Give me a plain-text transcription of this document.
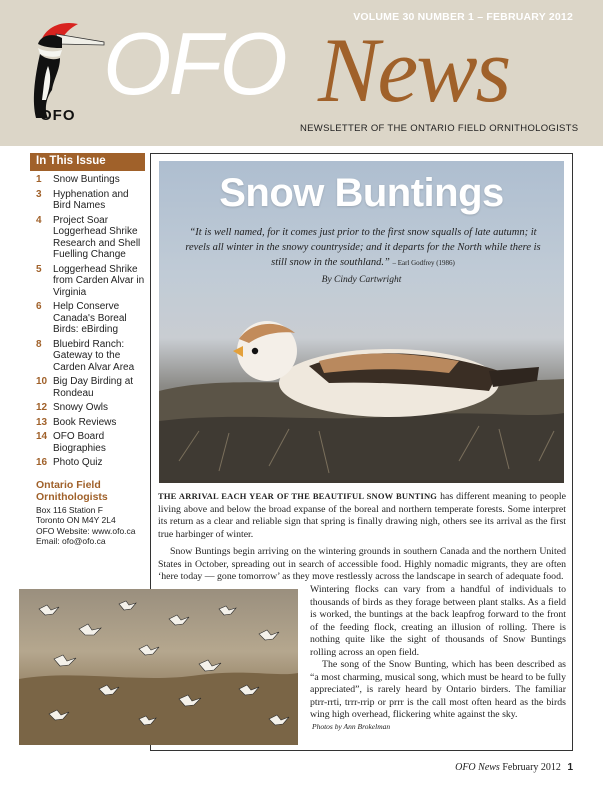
VOLUME 30 NUMBER 1 – FEBRUARY 2012
OFO
OFO News
NEWSLETTER OF THE ONTARIO FIELD ORNITHOLOGISTS
In This Issue
1	Snow Buntings
3	Hyphenation and Bird Names
4	Project Soar Loggerhead Shrike Research and Shell Fuelling Change
5	Loggerhead Shrike from Carden Alvar in Virginia
6	Help Conserve Canada's Boreal Birds: eBirding
8	Bluebird Ranch: Gateway to the Carden Alvar Area
10 Big Day Birding at Rondeau
12 Snowy Owls
13 Book Reviews
14 OFO Board Biographies
16 Photo Quiz
Ontario Field
Ornithologists
Box 116 Station F
Toronto ON M4Y 2L4
OFO Website: www.ofo.ca
Email: ofo@ofo.ca
Snow Buntings
“It is well named, for it comes just prior to the first snow squalls of late autumn; it revels all winter in the snowy countryside; and it departs for the North while there is still snow in the southland.” – Earl Godfrey (1986)
By Cindy Cartwright

THE ARRIVAL EACH YEAR OF THE BEAUTIFUL SNOW BUNTING has different meaning to people living above and below the broad expanse of the boreal and northern temperate forests. Some interpret its return as a clear and reliable sign that spring is finally drawing nigh, others see its arrival as the first true harbinger of winter.

Snow Buntings begin arriving on the wintering grounds in southern Canada and the northern United States in October, spreading out in search of accessible food. Highly nomadic migrants, they are often ‘here today — gone tomorrow’ as they move restlessly across the landscape in search of adequate food.

Wintering flocks can vary from a handful of individuals to thousands of birds as they forage between plant stalks. As a field is worked, the buntings at the back leapfrog forward to the front of the feeding flock, creating an illusion of rolling. There is nothing quite like the sight of thousands of Snow Buntings rolling across an open field.

The song of the Snow Bunting, which has been described as “a most charming, musical song, which must be heard to be fully appreciated”, is rarely heard by Ontario birders. The familiar ptrr-rrti, trrr-rrip or prrr is the call most often heard as the birds wing high overhead, flickering white against the sky.

Photos by Ann Brokelman
OFO News February 2012 1
